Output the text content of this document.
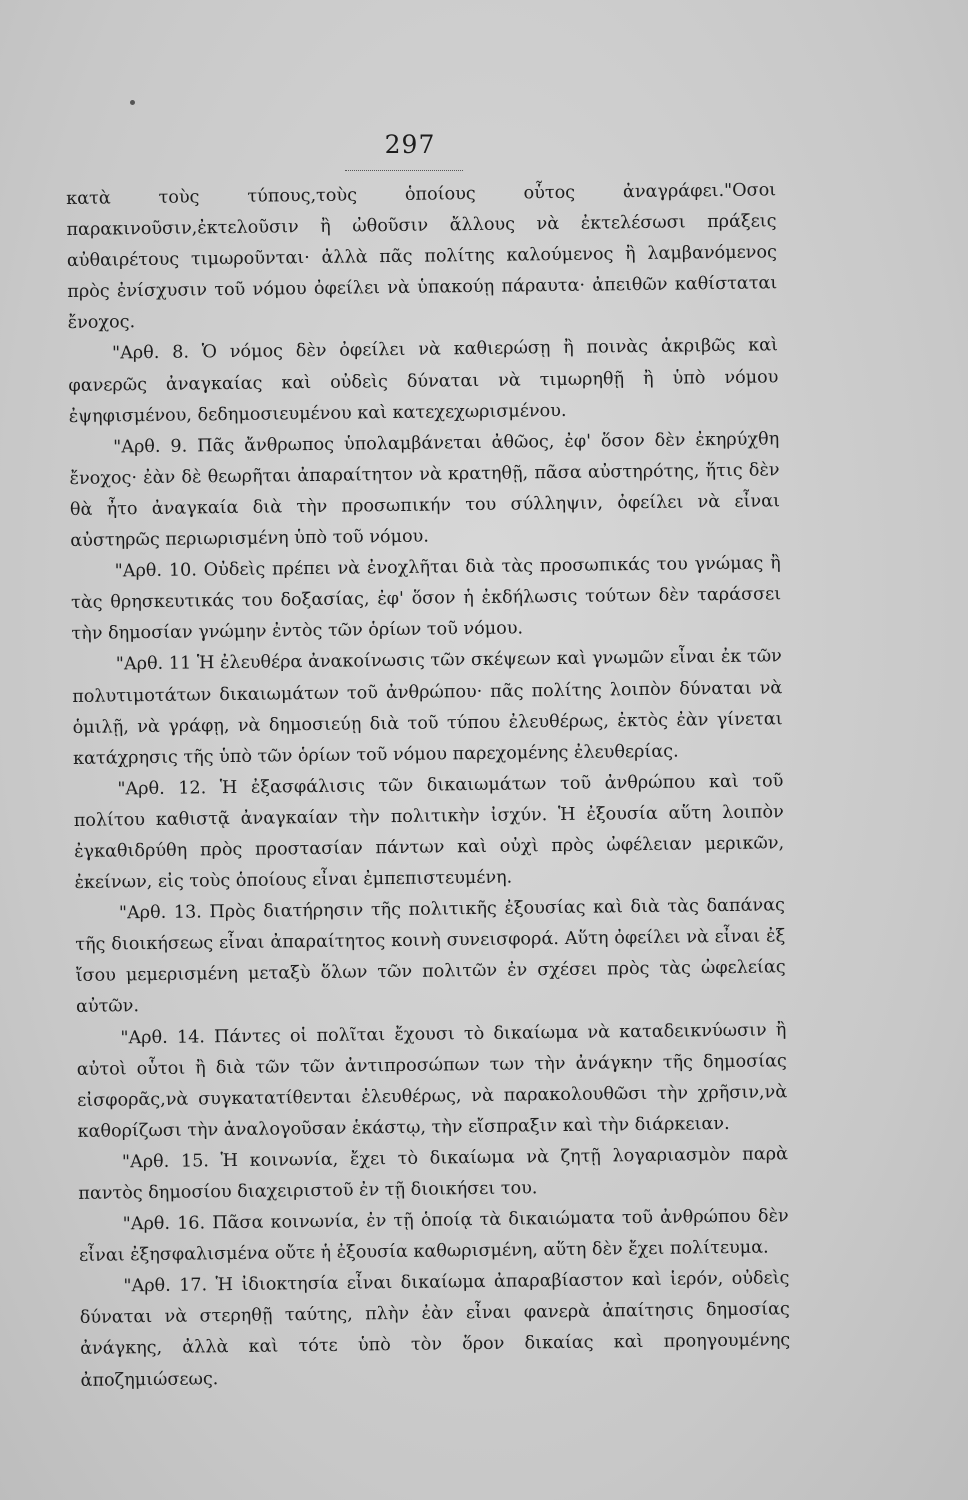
297

κατὰ τοὺς τύπους,τοὺς ὁποίους οὗτος ἀναγράφει."Οσοι παρακινοῦσιν,ἐκτελοῦσιν ἢ ὠθοῦσιν ἄλλους νὰ ἐκτελέσωσι πράξεις αὐθαιρέτους τιμωροῦνται· ἀλλὰ πᾶς πολίτης καλούμενος ἢ λαμβανόμενος πρὸς ἐνίσχυσιν τοῦ νόμου ὀφείλει νὰ ὑπακούῃ πάραυτα· ἀπειθῶν καθίσταται ἔνοχος.

"Αρθ. 8. Ὁ νόμος δὲν ὀφείλει νὰ καθιερώσῃ ἢ ποινὰς ἀκριβῶς καὶ φανερῶς ἀναγκαίας καὶ οὐδεὶς δύναται νὰ τιμωρηθῇ ἢ ὑπὸ νόμου ἐψηφισμένου, δεδημοσιευμένου καὶ κατεχεχωρισμένου.

"Αρθ. 9. Πᾶς ἄνθρωπος ὑπολαμβάνεται ἀθῶος, ἐφ' ὅσον δὲν ἐκηρύχθη ἔνοχος· ἐὰν δὲ θεωρῆται ἀπαραίτητον νὰ κρατηθῇ, πᾶσα αὐστηρότης, ἥτις δὲν θὰ ἦτο ἀναγκαία διὰ τὴν προσωπικήν του σύλληψιν, ὀφείλει νὰ εἶναι αὐστηρῶς περιωρισμένη ὑπὸ τοῦ νόμου.

"Αρθ. 10. Οὐδεὶς πρέπει νὰ ἐνοχλῆται διὰ τὰς προσωπικάς του γνώμας ἢ τὰς θρησκευτικάς του δοξασίας, ἐφ' ὅσον ἡ ἐκδήλωσις τούτων δὲν ταράσσει τὴν δημοσίαν γνώμην ἐντὸς τῶν ὁρίων τοῦ νόμου.

"Αρθ. 11 Ἡ ἐλευθέρα ἀνακοίνωσις τῶν σκέψεων καὶ γνωμῶν εἶναι ἐκ τῶν πολυτιμοτάτων δικαιωμάτων τοῦ ἀνθρώπου· πᾶς πολίτης λοιπὸν δύναται νὰ ὁμιλῇ, νὰ γράφῃ, νὰ δημοσιεύῃ διὰ τοῦ τύπου ἐλευθέρως, ἐκτὸς ἐὰν γίνεται κατάχρησις τῆς ὑπὸ τῶν ὁρίων τοῦ νόμου παρεχομένης ἐλευθερίας.

"Αρθ. 12. Ἡ ἐξασφάλισις τῶν δικαιωμάτων τοῦ ἀνθρώπου καὶ τοῦ πολίτου καθιστᾷ ἀναγκαίαν τὴν πολιτικὴν ἰσχύν. Ἡ ἐξουσία αὕτη λοιπὸν ἐγκαθιδρύθη πρὸς προστασίαν πάντων καὶ οὐχὶ πρὸς ὠφέλειαν μερικῶν, ἐκείνων, εἰς τοὺς ὁποίους εἶναι ἐμπεπιστευμένη.

"Αρθ. 13. Πρὸς διατήρησιν τῆς πολιτικῆς ἐξουσίας καὶ διὰ τὰς δαπάνας τῆς διοικήσεως εἶναι ἀπαραίτητος κοινὴ συνεισφορά. Αὕτη ὀφείλει νὰ εἶναι ἐξ ἴσου μεμερισμένη μεταξὺ ὅλων τῶν πολιτῶν ἐν σχέσει πρὸς τὰς ὠφελείας αὐτῶν.

"Αρθ. 14. Πάντες οἱ πολῖται ἔχουσι τὸ δικαίωμα νὰ καταδεικνύωσιν ἢ αὐτοὶ οὗτοι ἢ διὰ τῶν τῶν ἀντιπροσώπων των τὴν ἀνάγκην τῆς δημοσίας εἰσφορᾶς,νὰ συγκατατίθενται ἐλευθέρως, νὰ παρακολουθῶσι τὴν χρῆσιν,νὰ καθορίζωσι τὴν ἀναλογοῦσαν ἑκάστῳ, τὴν εἴσπραξιν καὶ τὴν διάρκειαν.

"Αρθ. 15. Ἡ κοινωνία, ἔχει τὸ δικαίωμα νὰ ζητῇ λογαριασμὸν παρὰ παντὸς δημοσίου διαχειριστοῦ ἐν τῇ διοικήσει του.

"Αρθ. 16. Πᾶσα κοινωνία, ἐν τῇ ὁποίᾳ τὰ δικαιώματα τοῦ ἀνθρώπου δὲν εἶναι ἐξησφαλισμένα οὔτε ἡ ἐξουσία καθωρισμένη, αὕτη δὲν ἔχει πολίτευμα.

"Αρθ. 17. Ἡ ἰδιοκτησία εἶναι δικαίωμα ἀπαραβίαστον καὶ ἱερόν, οὐδεὶς δύναται νὰ στερηθῇ ταύτης, πλὴν ἐὰν εἶναι φανερὰ ἀπαίτησις δημοσίας ἀνάγκης, ἀλλὰ καὶ τότε ὑπὸ τὸν ὅρον δικαίας καὶ προηγουμένης ἀποζημιώσεως.
